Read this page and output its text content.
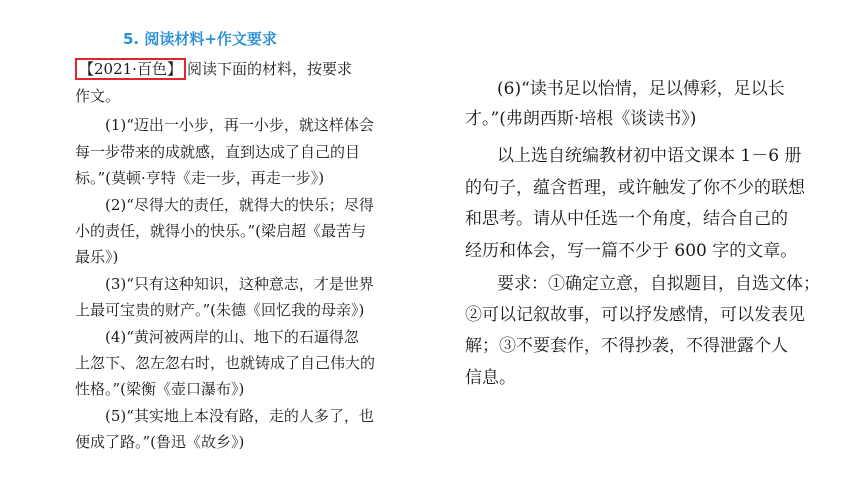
5. 阅读材料+作文要求
【2021·百色】 阅读下面的材料，按要求
作文。
(1)“迈出一小步，再一小步，就这样体会
每一步带来的成就感，直到达成了自己的目
标。”(莫顿·亨特《走一步，再走一步》)
(2)“尽得大的责任，就得大的快乐；尽得
小的责任，就得小的快乐。”(梁启超《最苦与
最乐》)
(3)“只有这种知识，这种意志，才是世界
上最可宝贵的财产。”(朱德《回忆我的母亲》)
(4)“黄河被两岸的山、地下的石逼得忽
上忽下、忽左忽右时，也就铸成了自己伟大的
性格。”(梁衡《壶口瀑布》)
(5)“其实地上本没有路，走的人多了，也
便成了路。”(鲁迅《故乡》)
(6)“读书足以怡情，足以傅彩，足以长
才。”(弗朗西斯·培根《谈读书》)
以上选自统编教材初中语文课本 1－6 册
的句子，蕴含哲理，或许触发了你不少的联想
和思考。请从中任选一个角度，结合自己的
经历和体会，写一篇不少于 600 字的文章。
要求：①确定立意，自拟题目，自选文体；
②可以记叙故事，可以抒发感情，可以发表见
解；③不要套作，不得抄袭，不得泄露个人
信息。
